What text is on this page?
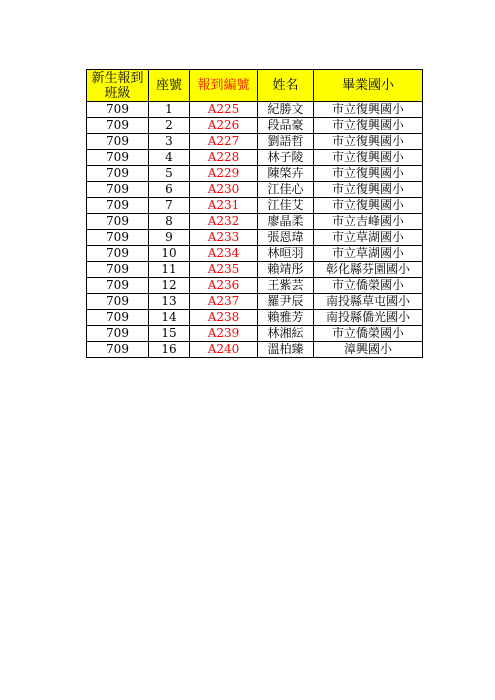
新生報到
班級	座號	報到編號	姓名	畢業國小
709	1	A225	紀勝文	市立復興國小
709	2	A226	段品豪	市立復興國小
709	3	A227	劉語哲	市立復興國小
709	4	A228	林子陵	市立復興國小
709	5	A229	陳棨卉	市立復興國小
709	6	A230	江佳心	市立復興國小
709	7	A231	江佳艾	市立復興國小
709	8	A232	廖晶柔	市立吉峰國小
709	9	A233	張恩瑋	市立草湖國小
709	10	A234	林晅羽	市立草湖國小
709	11	A235	賴靖彤	彰化縣芬園國小
709	12	A236	王紫芸	市立僑榮國小
709	13	A237	羅尹辰	南投縣草屯國小
709	14	A238	賴雅芳	南投縣僑光國小
709	15	A239	林湘紜	市立僑榮國小
709	16	A240	溫柏臻	漳興國小
